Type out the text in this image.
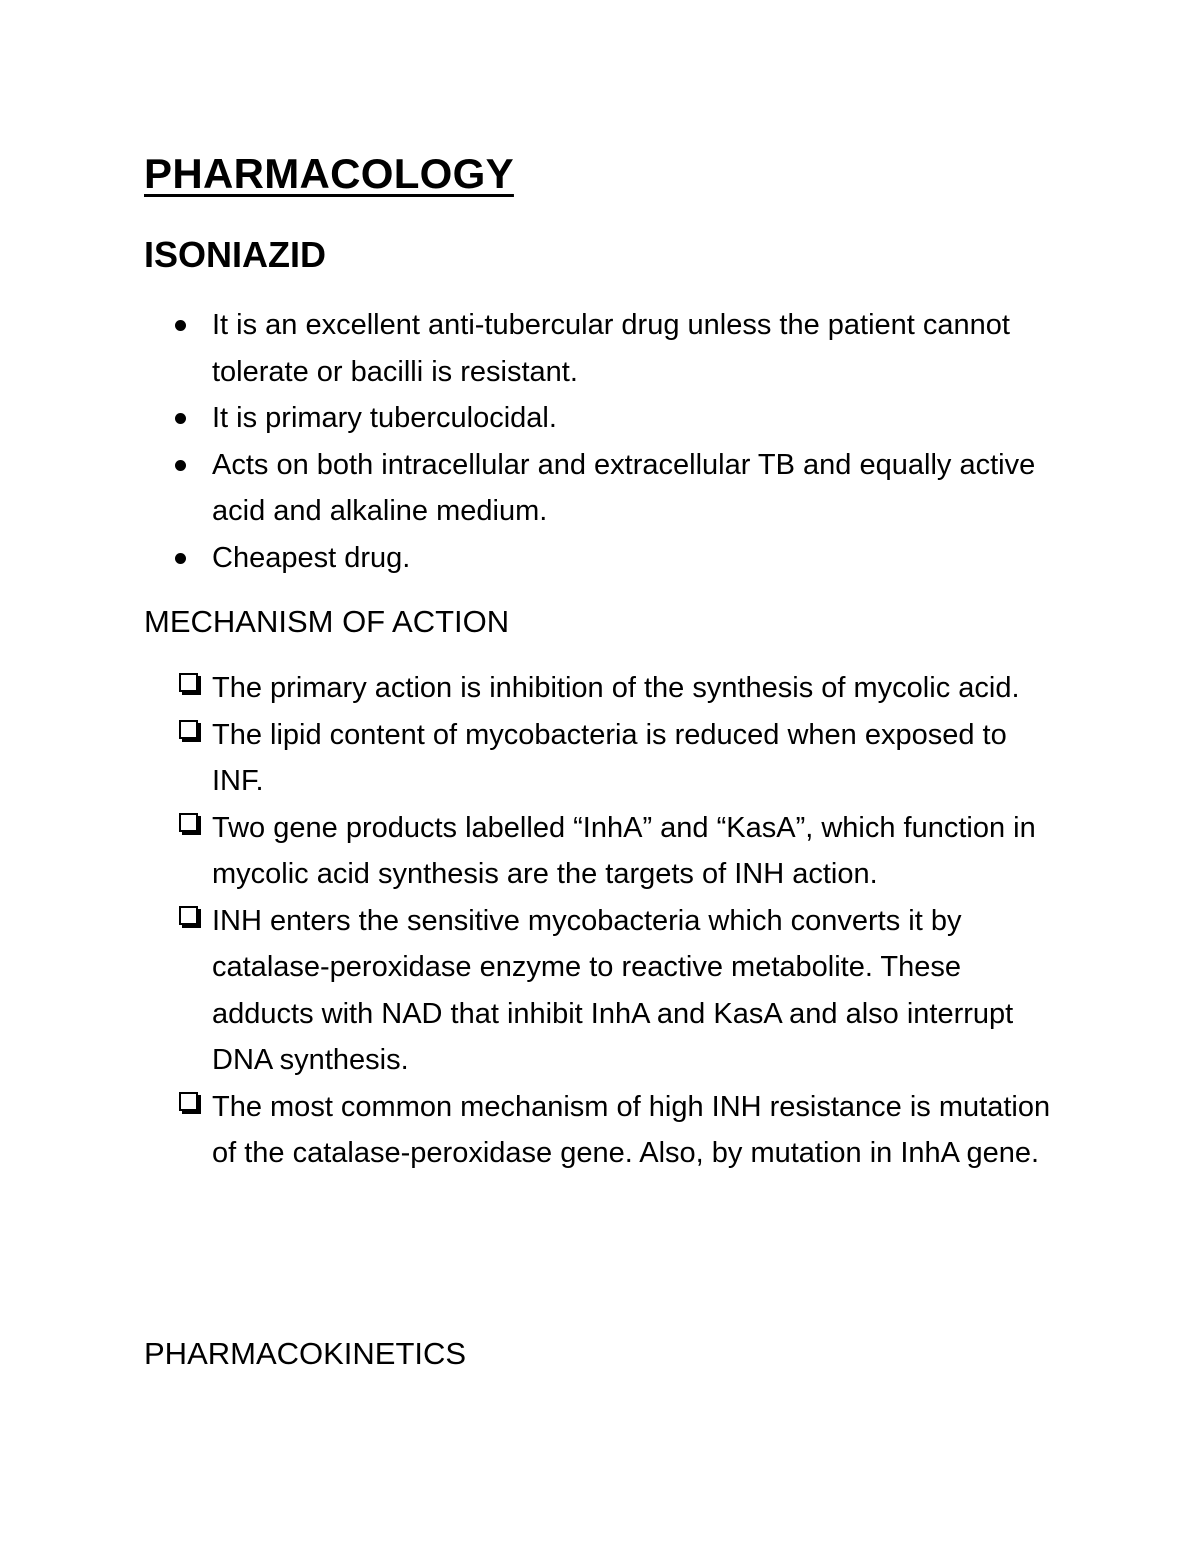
PHARMACOLOGY
ISONIAZID
It is an excellent anti-tubercular drug unless the patient cannot tolerate or bacilli is resistant.
It is primary tuberculocidal.
Acts on both intracellular and extracellular TB and equally active acid and alkaline medium.
Cheapest drug.
MECHANISM OF ACTION
The primary action is inhibition of the synthesis of mycolic acid.
The lipid content of mycobacteria is reduced when exposed to INF.
Two gene products labelled “InhA” and “KasA”, which function in mycolic acid synthesis are the targets of INH action.
INH enters the sensitive mycobacteria which converts it by catalase-peroxidase enzyme to reactive metabolite. These adducts with NAD that inhibit InhA and KasA and also interrupt DNA synthesis.
The most common mechanism of high INH resistance is mutation of the catalase-peroxidase gene. Also, by mutation in InhA gene.
PHARMACOKINETICS
